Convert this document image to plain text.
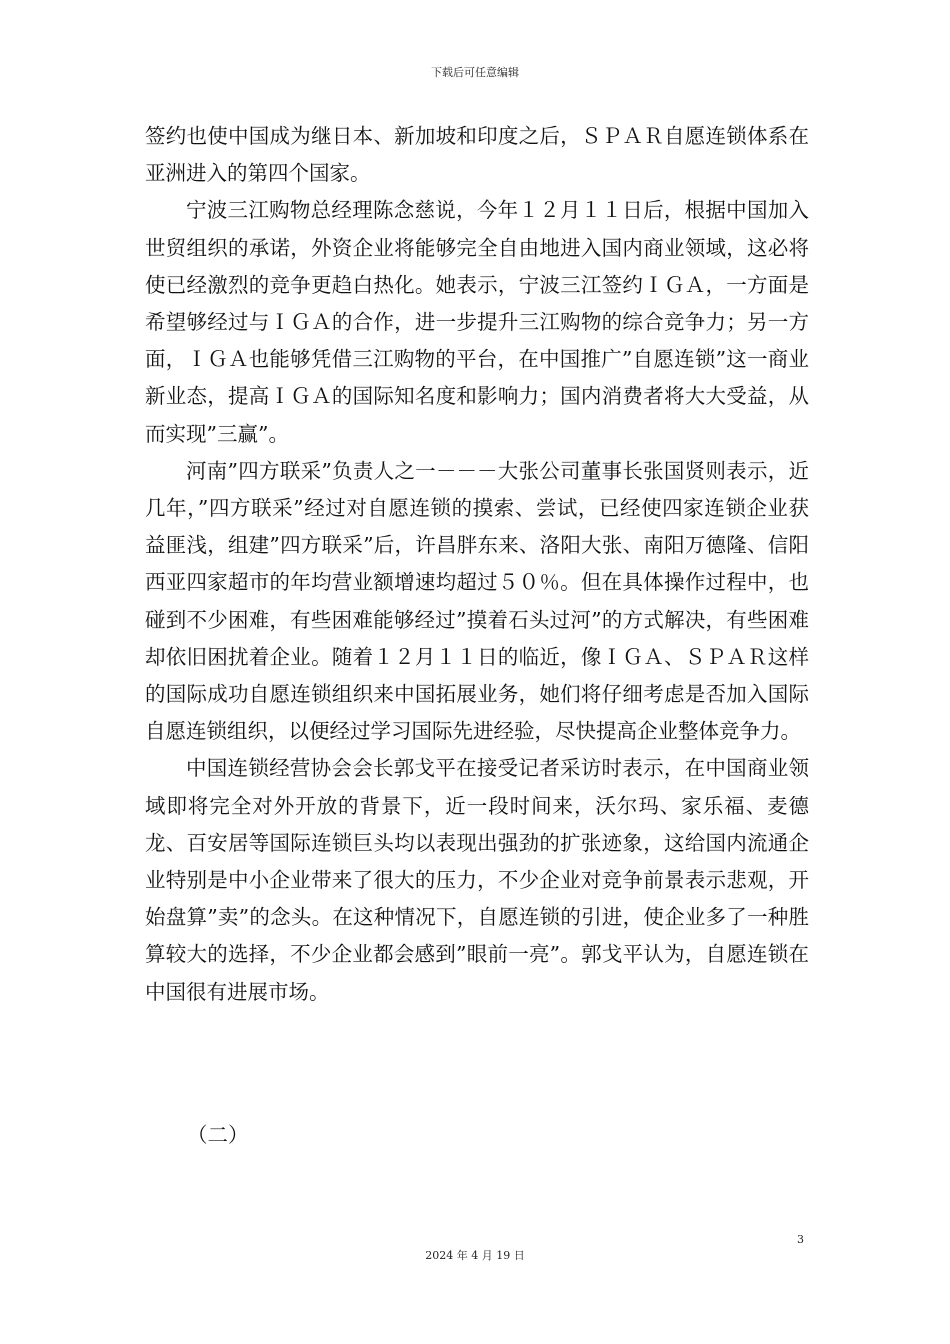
下载后可任意编辑

签约也使中国成为继日本、新加坡和印度之后，ＳＰＡＲ自愿连锁体系在亚洲进入的第四个国家。

宁波三江购物总经理陈念慈说，今年１２月１１日后，根据中国加入世贸组织的承诺，外资企业将能够完全自由地进入国内商业领域，这必将使已经激烈的竞争更趋白热化。她表示，宁波三江签约ＩＧＡ，一方面是希望够经过与ＩＧＡ的合作，进一步提升三江购物的综合竞争力；另一方面，ＩＧＡ也能够凭借三江购物的平台，在中国推广”自愿连锁”这一商业新业态，提高ＩＧＡ的国际知名度和影响力；国内消费者将大大受益，从而实现”三赢”。

河南”四方联采”负责人之一－－－大张公司董事长张国贤则表示，近几年，”四方联采”经过对自愿连锁的摸索、尝试，已经使四家连锁企业获益匪浅，组建”四方联采”后，许昌胖东来、洛阳大张、南阳万德隆、信阳西亚四家超市的年均营业额增速均超过５０％。但在具体操作过程中，也碰到不少困难，有些困难能够经过”摸着石头过河”的方式解决，有些困难却依旧困扰着企业。随着１２月１１日的临近，像ＩＧＡ、ＳＰＡＲ这样的国际成功自愿连锁组织来中国拓展业务，她们将仔细考虑是否加入国际自愿连锁组织，以便经过学习国际先进经验，尽快提高企业整体竞争力。

中国连锁经营协会会长郭戈平在接受记者采访时表示，在中国商业领域即将完全对外开放的背景下，近一段时间来，沃尔玛、家乐福、麦德龙、百安居等国际连锁巨头均以表现出强劲的扩张迹象，这给国内流通企业特别是中小企业带来了很大的压力，不少企业对竞争前景表示悲观，开始盘算”卖”的念头。在这种情况下，自愿连锁的引进，使企业多了一种胜算较大的选择，不少企业都会感到”眼前一亮”。郭戈平认为，自愿连锁在中国很有进展市场。

（二）
3
2024 年 4 月 19 日
